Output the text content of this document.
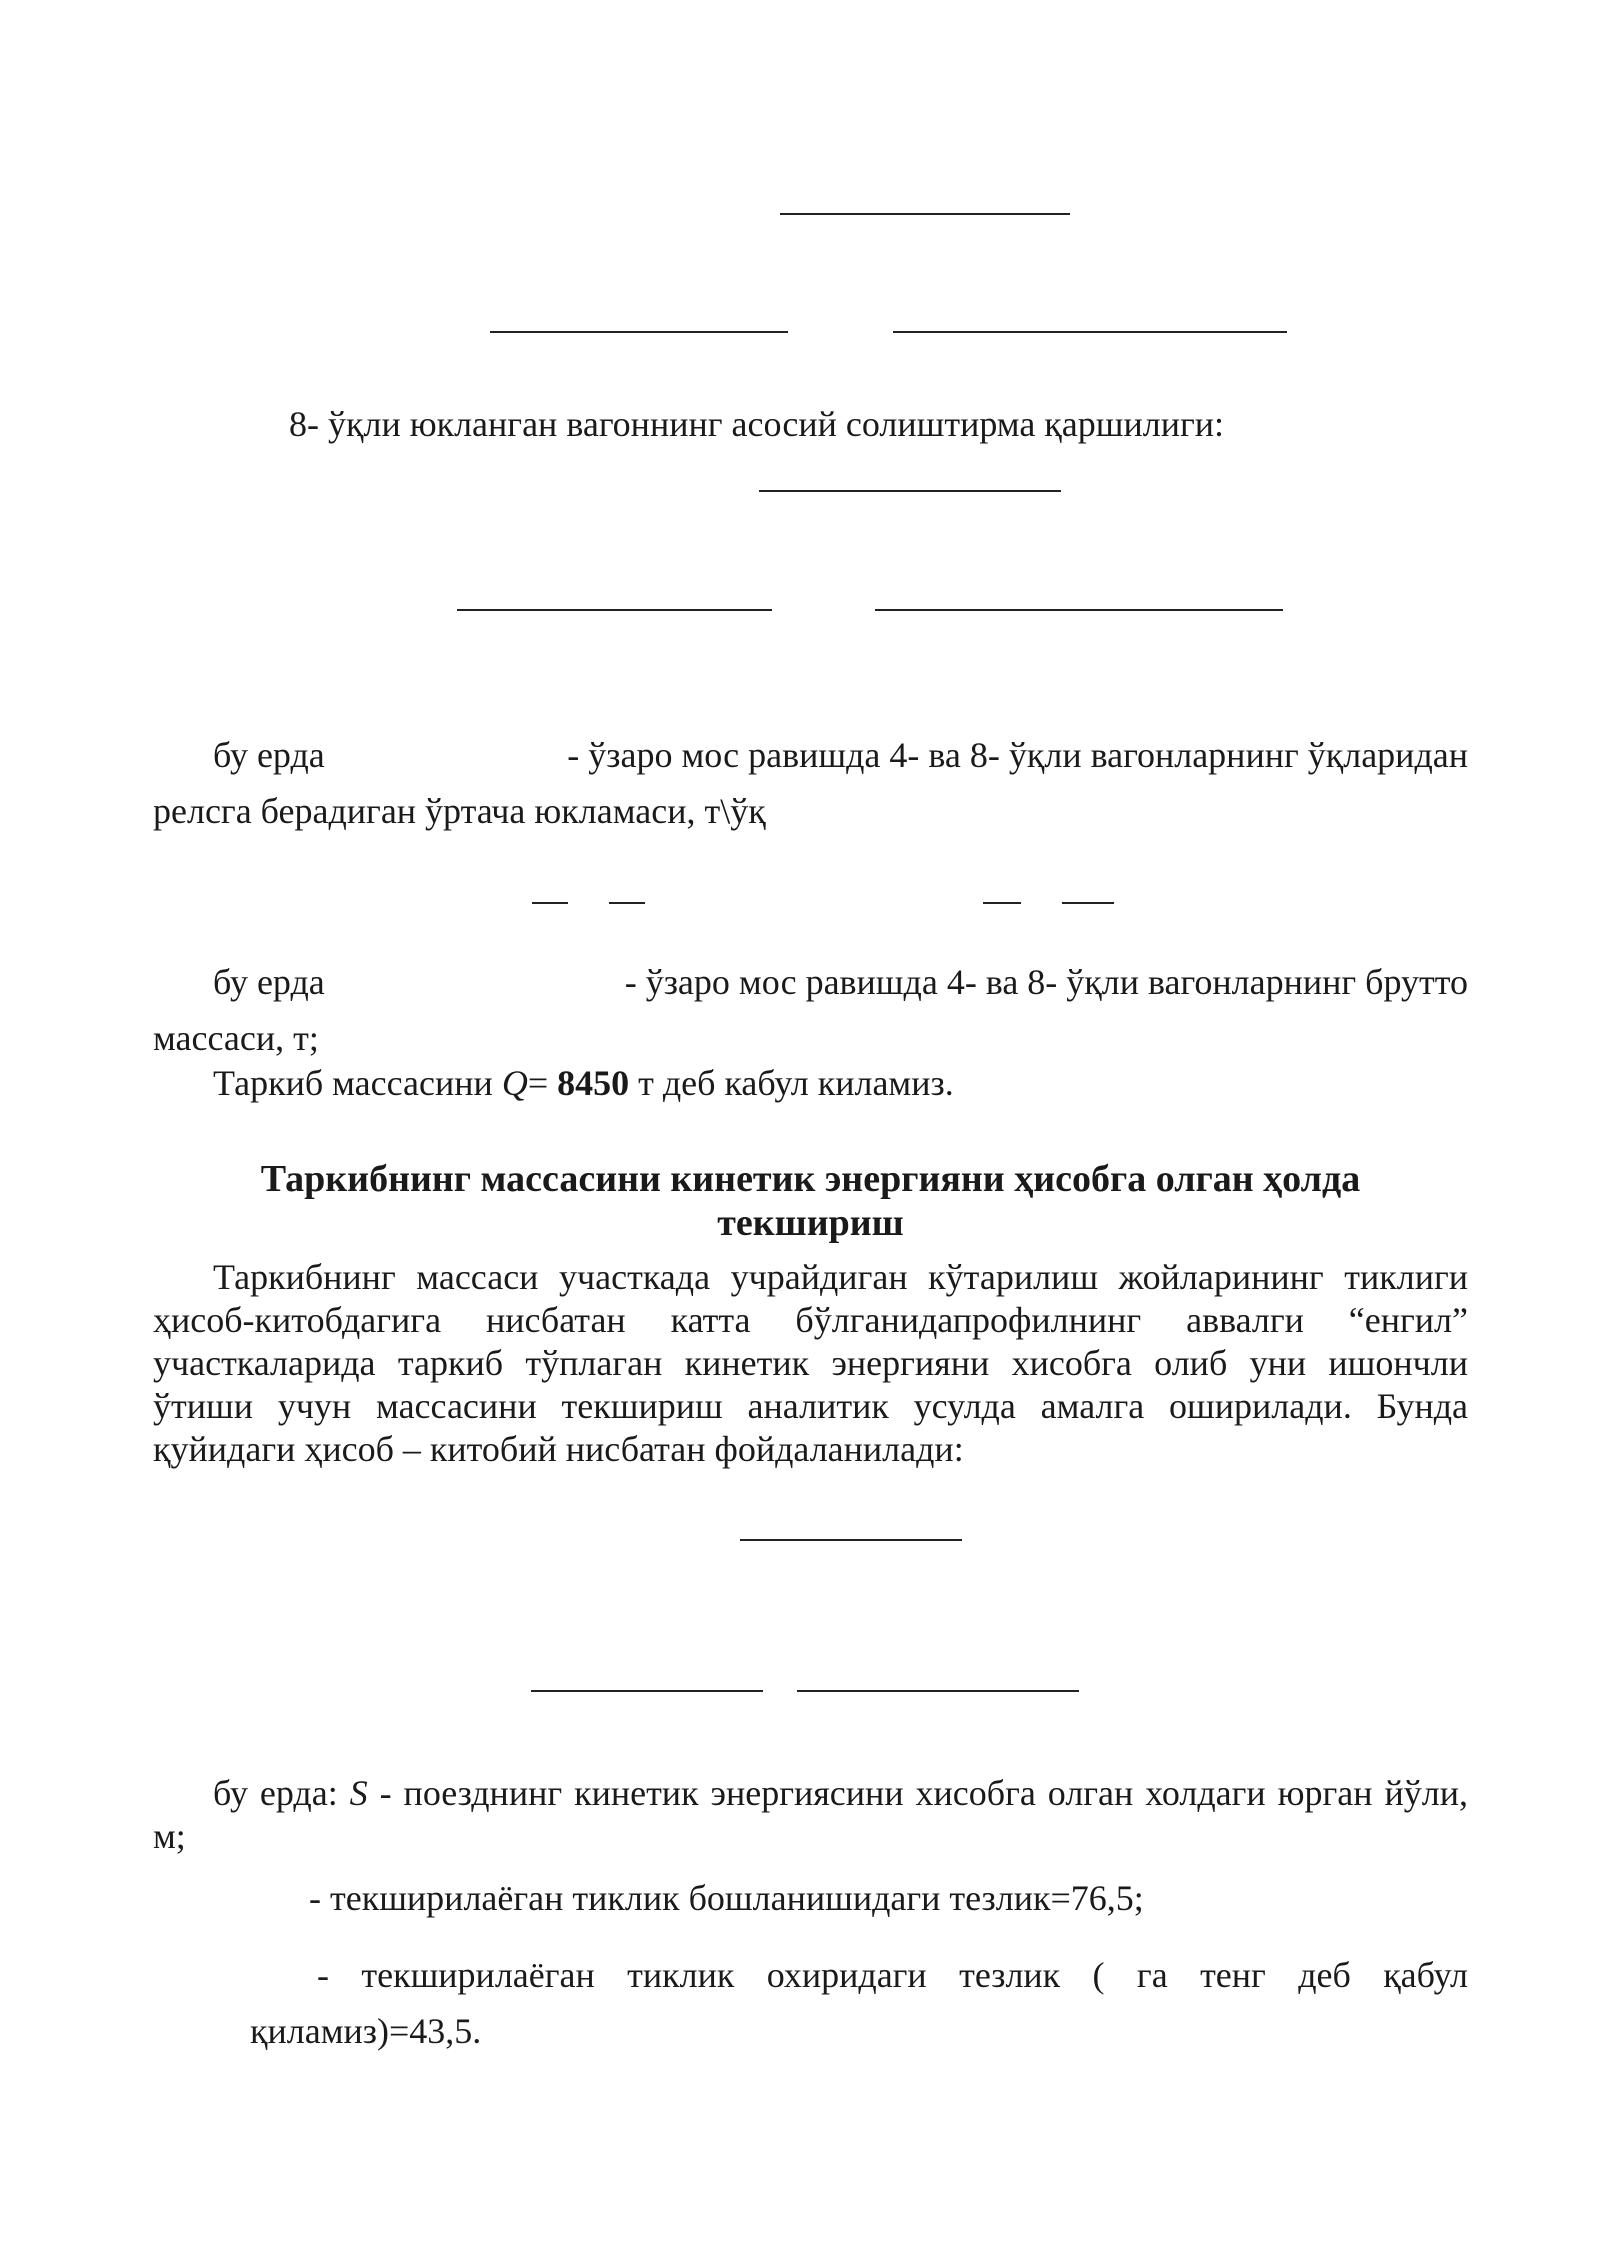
8- ўқли юкланган вагоннинг асосий солиштирма қаршилиги:
бу ерда	- ўзаро мос равишда 4- ва 8- ўқли вагонларнинг ўқларидан
релсга берадиган ўртача юкламаси, т\ўқ
бу ерда	- ўзаро мос равишда 4- ва 8- ўқли вагонларнинг брутто
массаси, т;
Таркиб массасини Q= 8450 т деб кабул киламиз.
Таркибнинг массасини кинетик энергияни ҳисобга олган ҳолда текшириш
Таркибнинг массаси участкада учрайдиган кўтарилиш жойларининг тиклиги ҳисоб-китобдагига нисбатан катта бўлганидапрофилнинг аввалги “енгил” участкаларида таркиб тўплаган кинетик энергияни хисобга олиб уни ишончли ўтиши учун массасини текшириш аналитик усулда амалга оширилади. Бунда қуйидаги ҳисоб – китобий нисбатан фойдаланилади:
бу ерда: S - поезднинг кинетик энергиясини хисобга олган холдаги юрган йўли, м;
- текширилаёган тиклик бошланишидаги тезлик=76,5;
- текширилаёган тиклик охиридаги тезлик ( га тенг деб қабул
қиламиз)=43,5.
